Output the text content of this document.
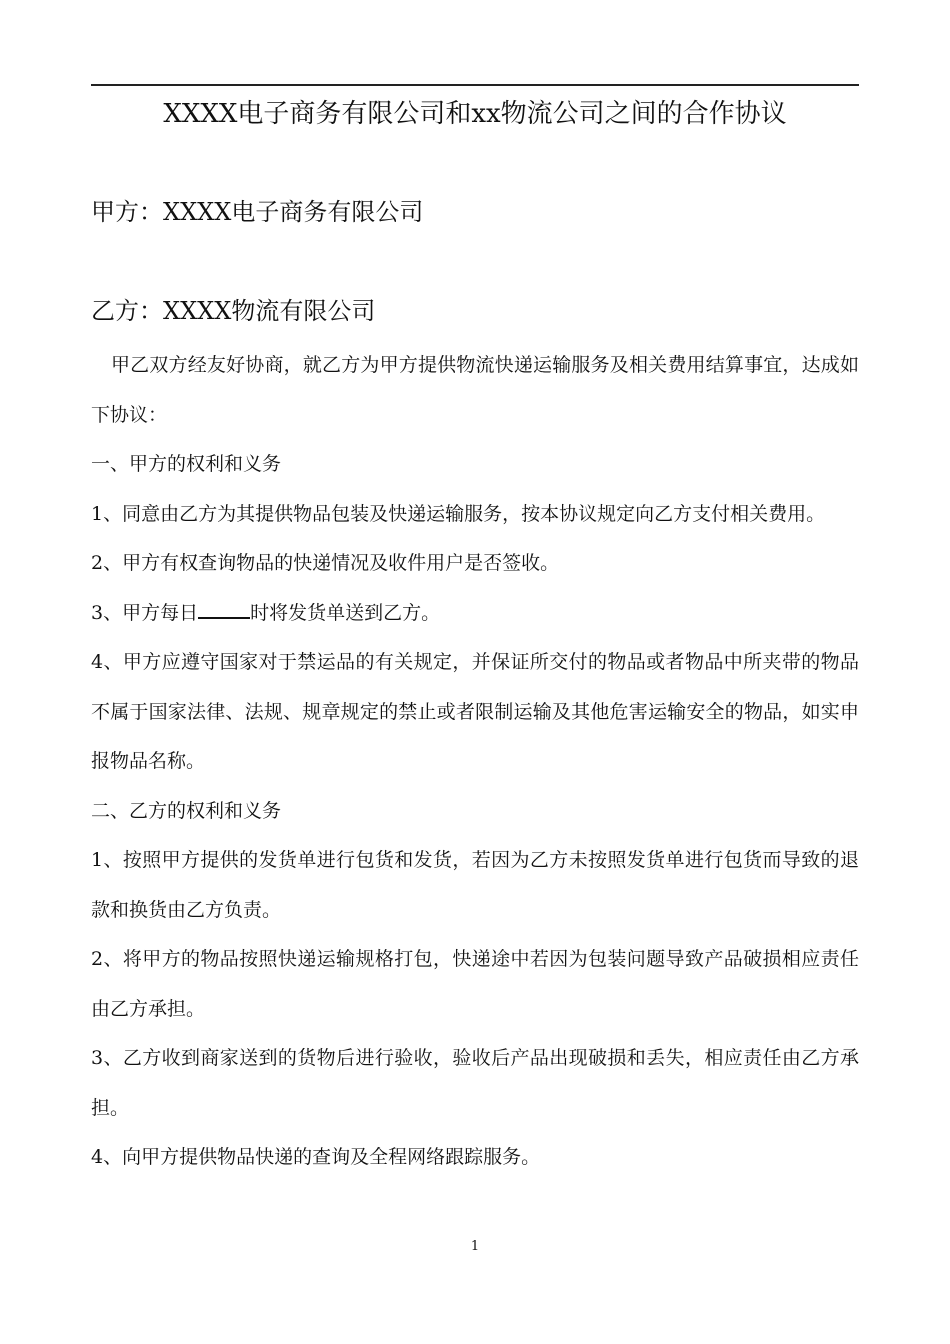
XXXX电子商务有限公司和xx物流公司之间的合作协议
甲方：XXXX电子商务有限公司
乙方：XXXX物流有限公司

甲乙双方经友好协商，就乙方为甲方提供物流快递运输服务及相关费用结算事宜，达成如下协议：

一、甲方的权利和义务

1、同意由乙方为其提供物品包装及快递运输服务，按本协议规定向乙方支付相关费用。

2、甲方有权查询物品的快递情况及收件用户是否签收。

3、甲方每日	时将发货单送到乙方。

4、甲方应遵守国家对于禁运品的有关规定，并保证所交付的物品或者物品中所夹带的物品不属于国家法律、法规、规章规定的禁止或者限制运输及其他危害运输安全的物品，如实申报物品名称。

二、乙方的权利和义务

1、按照甲方提供的发货单进行包货和发货，若因为乙方未按照发货单进行包货而导致的退款和换货由乙方负责。

2、将甲方的物品按照快递运输规格打包，快递途中若因为包装问题导致产品破损相应责任由乙方承担。

3、乙方收到商家送到的货物后进行验收，验收后产品出现破损和丢失，相应责任由乙方承担。

4、向甲方提供物品快递的查询及全程网络跟踪服务。

1
